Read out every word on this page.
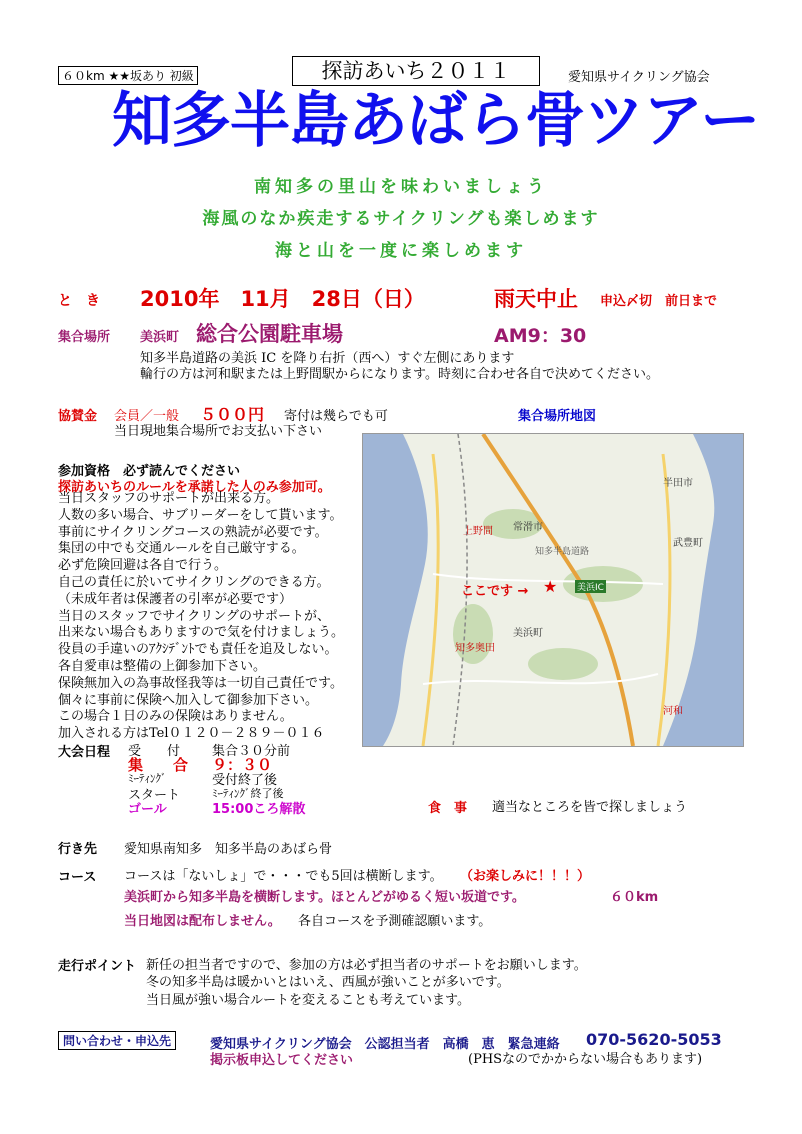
６０km ★★坂あり 初級	探訪あいち２０１１	愛知県サイクリング協会
知多半島あばら骨ツアー
南知多の里山を味わいましょう
海風のなか疾走するサイクリングも楽しめます
海と山を一度に楽しめます
と　き 2010年　11月　28日（日）	雨天中止 申込〆切　前日まで
集合場所 美浜町 総合公園駐車場	AM9：30
知多半島道路の美浜 IC を降り右折（西へ）すぐ左側にあります
輪行の方は河和駅または上野間駅からになります。時刻に合わせ各自で決めてください。
協賛金 会員／一般 ５００円 寄付は幾らでも可
当日現地集合場所でお支払い下さい
集合場所地図
参加資格　必ず読んでください
探訪あいちのルールを承諾した人のみ参加可。
当日スタッフのサポートが出来る方。
人数の多い場合、サブリーダーをして貰います。
事前にサイクリングコースの熟読が必要です。
集団の中でも交通ルールを自己厳守する。
必ず危険回避は各自で行う。
自己の責任に於いてサイクリングのできる方。
（未成年者は保護者の引率が必要です）
当日のスタッフでサイクリングのサポートが、
出来ない場合もありますので気を付けましょう。
役員の手違いのｱｸｼﾃﾞﾝﾄでも責任を追及しない。
各自愛車は整備の上御参加下さい。
保険無加入の為事故怪我等は一切自己責任です。
個々に事前に保険へ加入して御参加下さい。
この場合１日のみの保険はありません。
加入される方はTel０１２０－２８９－０１６
常滑市
半田市
美浜町
知多半島道路
美浜IC
河和
上野間
知多奥田
武豊町
ここです → ★
大会日程 受　　付 集合３０分前
集　　合 ９：３０
ﾐｰﾃｨﾝｸﾞ	受付終了後
スタート	ﾐｰﾃｨﾝｸﾞ終了後
ゴール	15:00ころ解散	食　事 適当なところを皆で探しましょう
行き先 愛知県南知多　知多半島のあばら骨
コース コースは「ないしょ」で・・・でも5回は横断します。 （お楽しみに！！！）
美浜町から知多半島を横断します。ほとんどがゆるく短い坂道です。	６０km
当日地図は配布しません。 各自コースを予測確認願います。
走行ポイント 新任の担当者ですので、参加の方は必ず担当者のサポートをお願いします。
冬の知多半島は暖かいとはいえ、西風が強いことが多いです。
当日風が強い場合ルートを変えることも考えています。
問い合わせ・申込先	愛知県サイクリング協会　公認担当者　高橋　恵　緊急連絡 070-5620-5053
掲示板申込してください	(PHSなのでかからない場合もあります)
